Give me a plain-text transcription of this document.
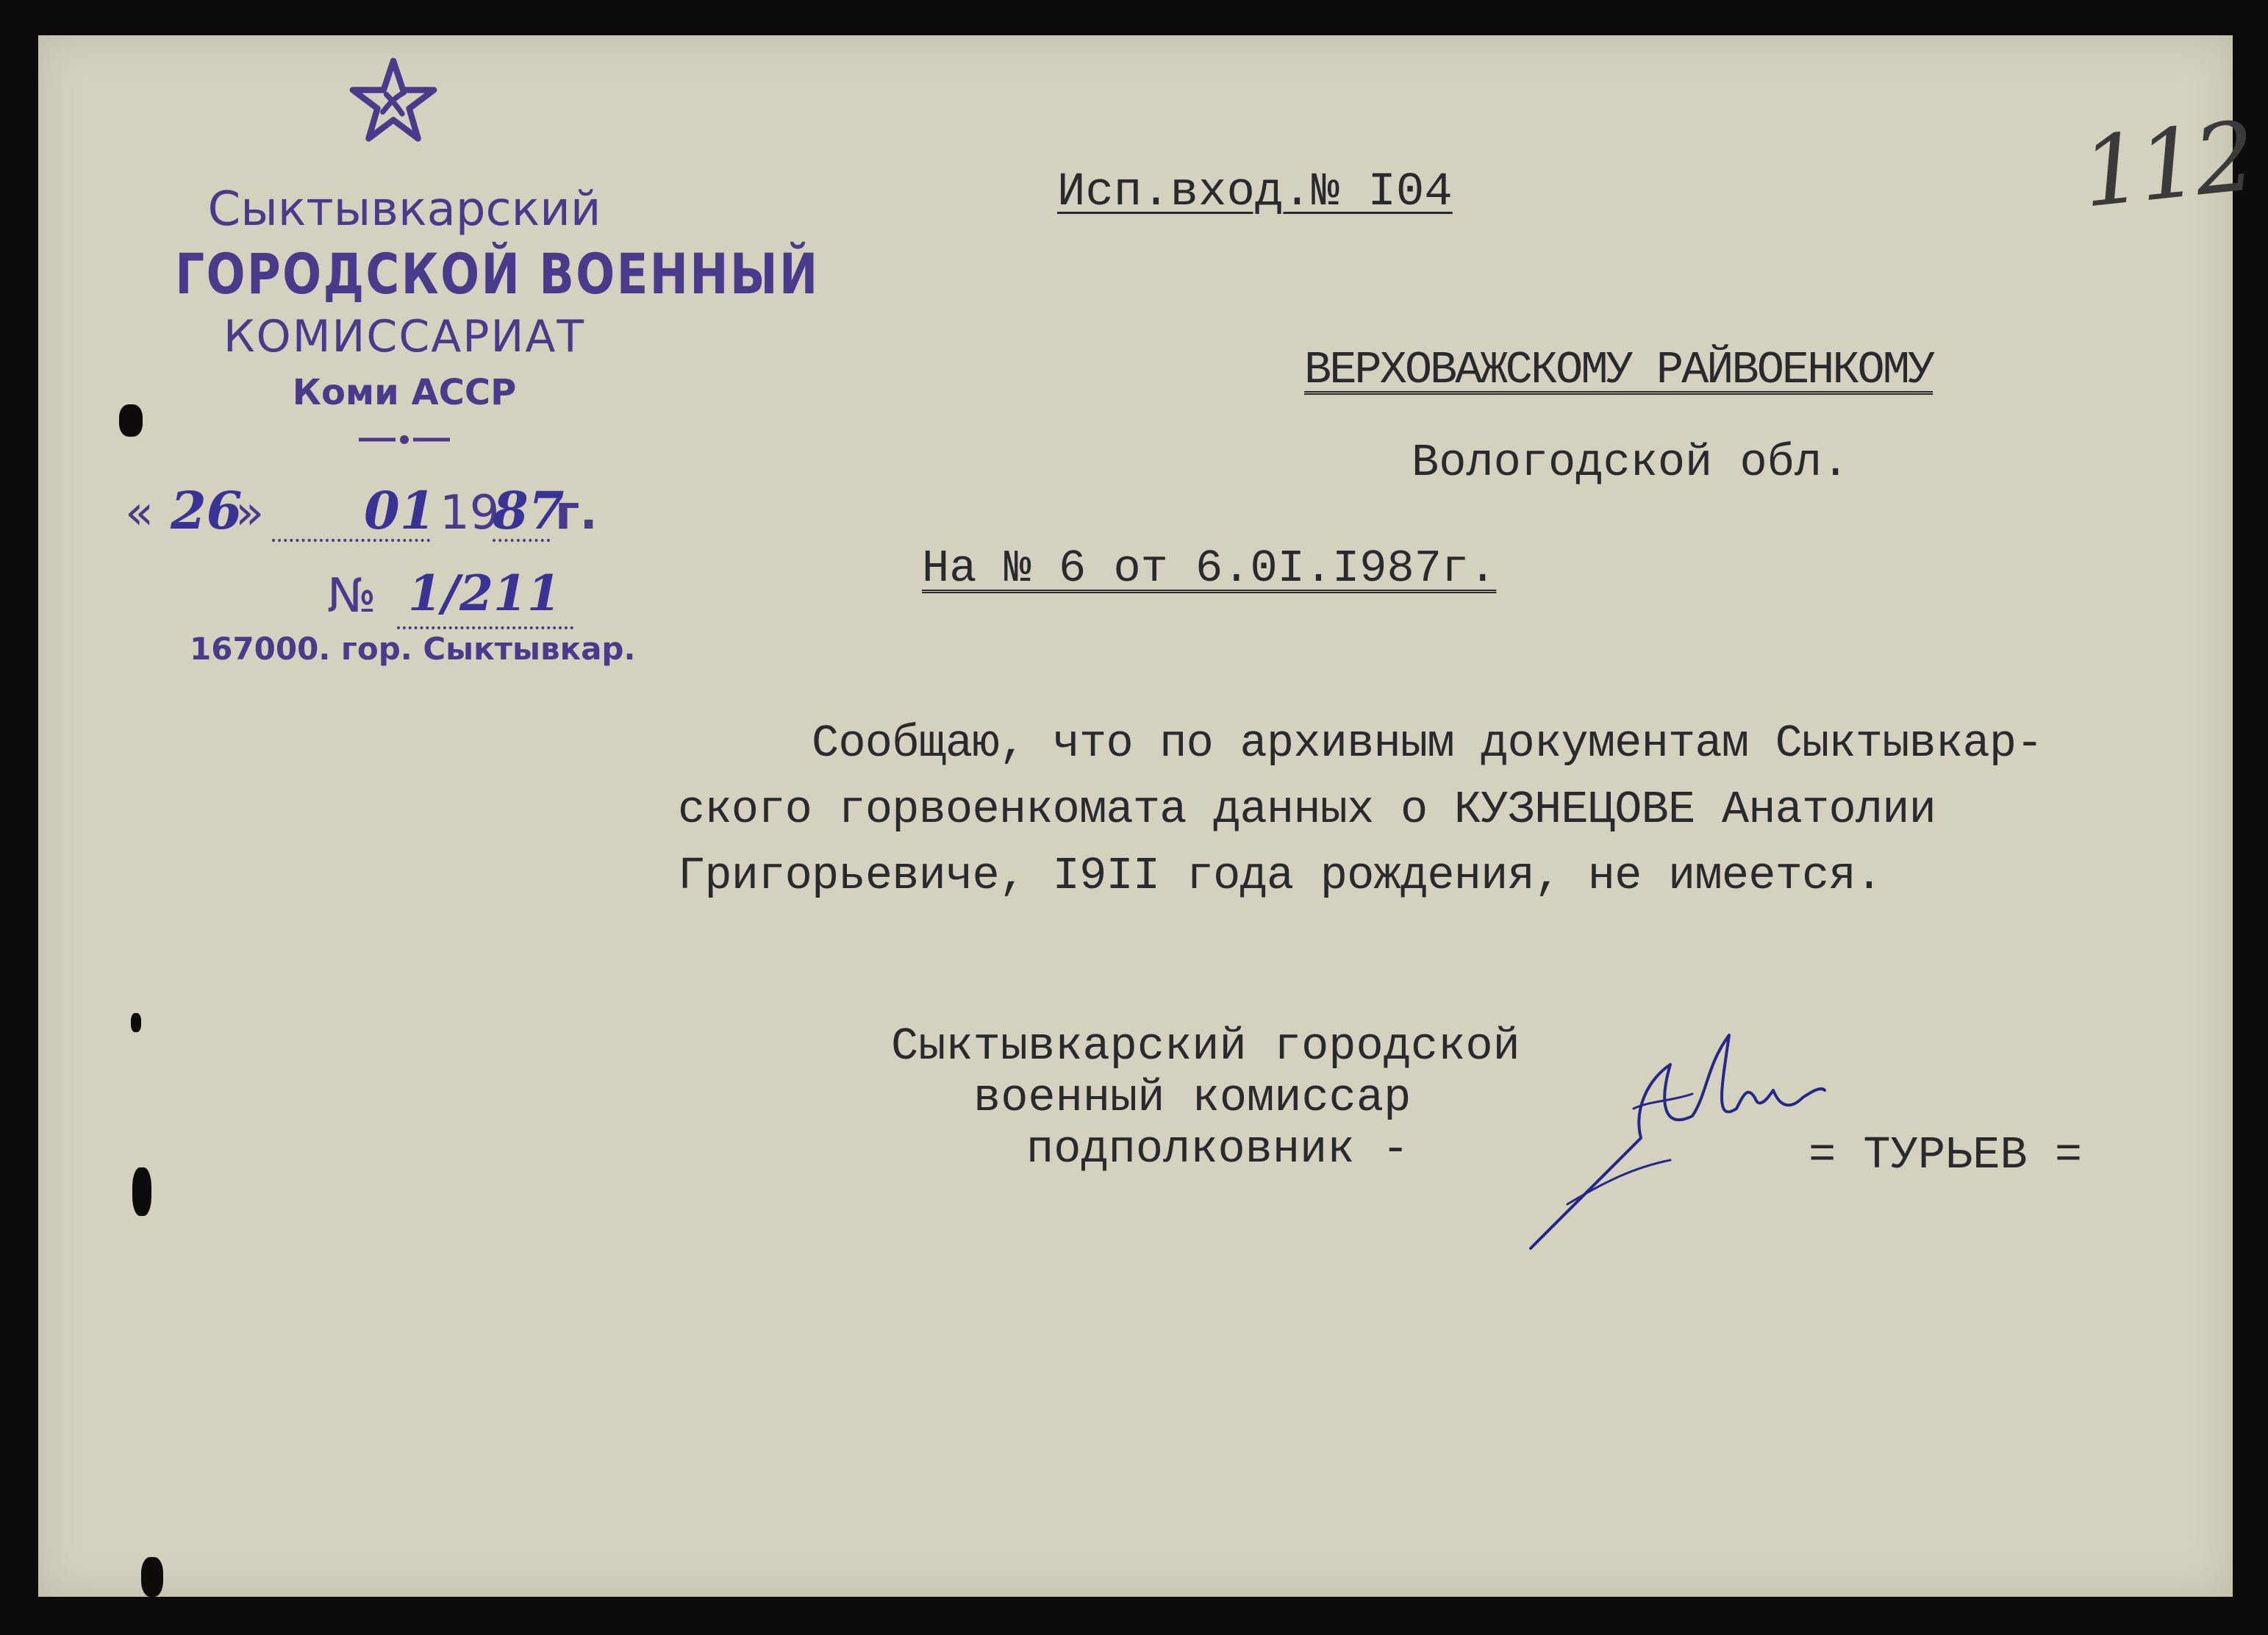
Сыктывкарский
ГОРОДСКОЙ ВОЕННЫЙ
КОМИССАРИАТ
Коми АССР
« 26
» 01 19
87
г.
№ 1/211
167000. гор. Сыктывкар.
112
Исп.вход.№ I04
ВЕРХОВАЖСКОМУ РАЙВОЕНКОМУ
Вологодской обл.
На № 6 от 6.0I.I987г.
Сообщаю, что по архивным документам Сыктывкар-
ского горвоенкомата данных о КУЗНЕЦОВЕ Анатолии
Григорьевиче, I9II года рождения, не имеется.
Сыктывкарский городской
военный комиссар
подполковник -	= ТУРЬЕВ =
